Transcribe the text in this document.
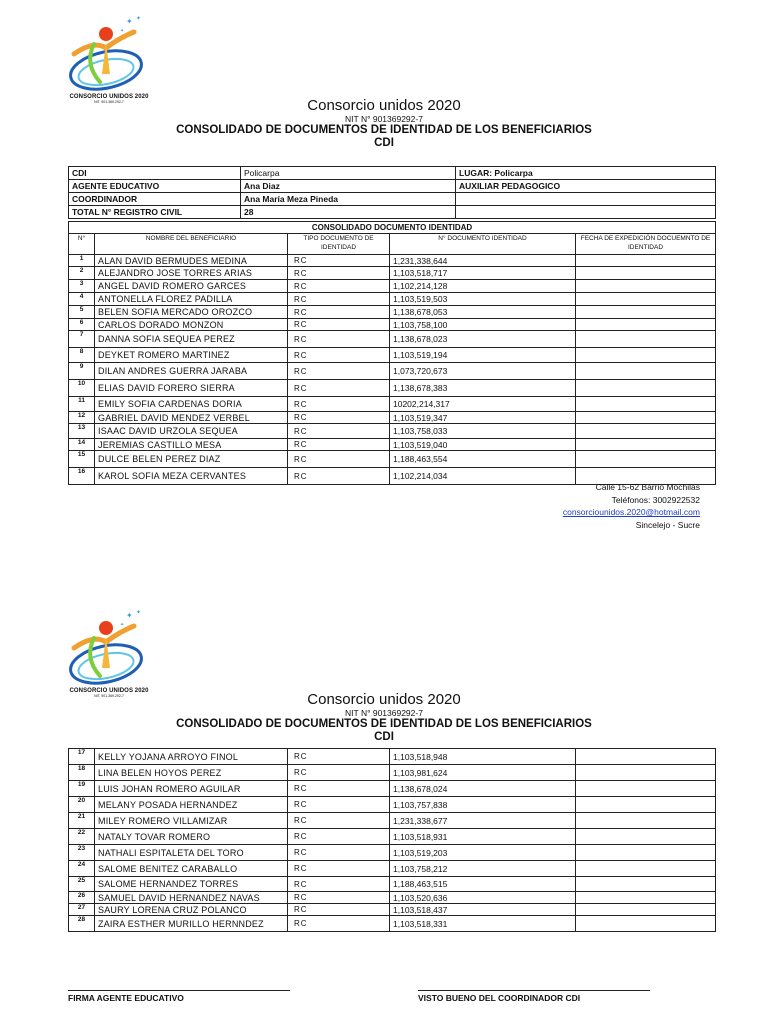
✦ ✦
✦
CONSORCIO UNIDOS 2020
NIT. 901.369.292-7	Consorcio unidos 2020
NIT N° 901369292-7
CONSOLIDADO DE DOCUMENTOS DE IDENTIDAD DE LOS BENEFICIARIOS
CDI
CDI	Policarpa	LUGAR: Policarpa
AGENTE EDUCATIVO	Ana Diaz	AUXILIAR PEDAGOGICO
COORDINADOR	Ana María Meza Pineda	
TOTAL N° REGISTRO CIVIL	28	
CONSOLIDADO DOCUMENTO IDENTIDAD				
N°	NOMBRE DEL BENEFICIARIO	TIPO DOCUMENTO DE IDENTIDAD	N° DOCUMENTO IDENTIDAD	FECHA DE EXPEDICIÓN DOCUEMNTO DE IDENTIDAD
1	ALAN DAVID BERMUDES MEDINA	RC	1,231,338,644	
2	ALEJANDRO JOSE TORRES ARIAS	RC	1,103,518,717	
3	ANGEL DAVID ROMERO GARCES	RC	1,102,214,128	
4	ANTONELLA FLOREZ PADILLA	RC	1,103,519,503	
5	BELEN SOFIA MERCADO OROZCO	RC	1,138,678,053	
6	CARLOS DORADO MONZON	RC	1,103,758,100	
7	DANNA SOFIA SEQUEA PEREZ	RC	1,138,678,023	
8	DEYKET ROMERO MARTINEZ	RC	1,103,519,194	
9	DILAN ANDRES GUERRA JARABA	RC	1,073,720,673	
10	ELIAS DAVID FORERO SIERRA	RC	1,138,678,383	
11	EMILY SOFIA CARDENAS DORIA	RC	10202,214,317	
12	GABRIEL DAVID MENDEZ VERBEL	RC	1,103,519,347	
13	ISAAC DAVID URZOLA SEQUEA	RC	1,103,758,033	
14	JEREMIAS CASTILLO MESA	RC	1,103,519,040	
15	DULCE BELEN PEREZ DIAZ	RC	1,188,463,554	
16	KAROL SOFIA MEZA CERVANTES	RC	1,102,214,034	
Calle 15-62 Barrio Mochilas
Teléfonos: 3002922532
consorciounidos.2020@hotmail.com
Sincelejo - Sucre
✦ ✦
✦
CONSORCIO UNIDOS 2020
NIT. 901.369.292-7	Consorcio unidos 2020
NIT N° 901369292-7
CONSOLIDADO DE DOCUMENTOS DE IDENTIDAD DE LOS BENEFICIARIOS
CDI
17	KELLY YOJANA ARROYO FINOL	RC	1,103,518,948	
18	LINA BELEN HOYOS PEREZ	RC	1,103,981,624	
19	LUIS JOHAN ROMERO AGUILAR	RC	1,138,678,024	
20	MELANY POSADA HERNANDEZ	RC	1,103,757,838	
21	MILEY ROMERO VILLAMIZAR	RC	1,231,338,677	
22	NATALY TOVAR ROMERO	RC	1,103,518,931	
23	NATHALI ESPITALETA DEL TORO	RC	1,103,519,203	
24	SALOME BENITEZ CARABALLO	RC	1,103,758,212	
25	SALOME HERNANDEZ TORRES	RC	1,188,463,515	
26	SAMUEL DAVID HERNANDEZ NAVAS	RC	1,103,520,636	
27	SAURY LORENA CRUZ POLANCO	RC	1,103,518,437	
28	ZAIRA ESTHER MURILLO HERNNDEZ	RC	1,103,518,331	
FIRMA AGENTE EDUCATIVO	VISTO BUENO DEL COORDINADOR CDI
